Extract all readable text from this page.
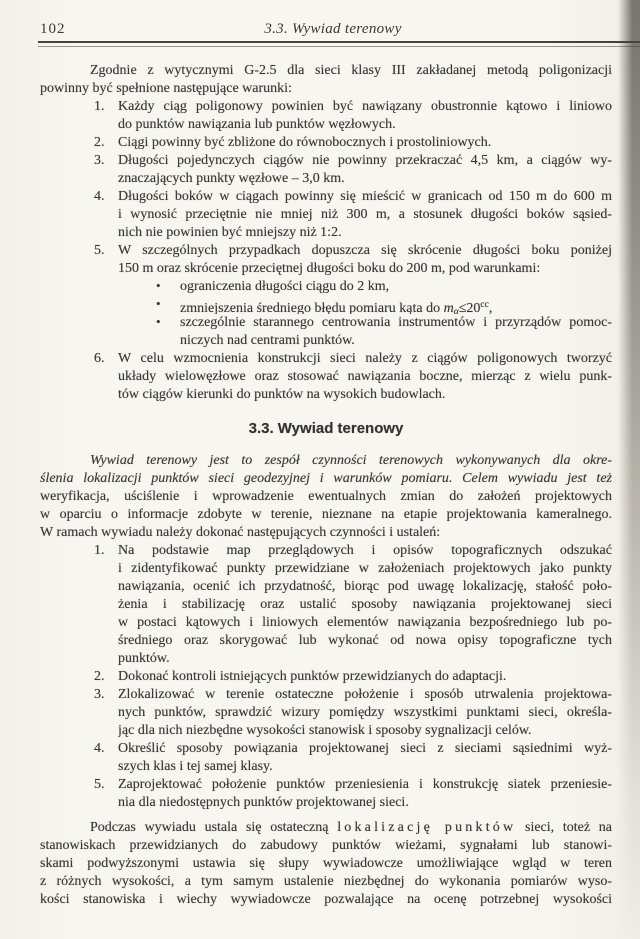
102	3.3. Wywiad terenowy
Zgodnie z wytycznymi G-2.5 dla sieci klasy III zakładanej metodą poligonizacji
powinny być spełnione następujące warunki:
1. Każdy ciąg poligonowy powinien być nawiązany obustronnie kątowo i liniowo
do punktów nawiązania lub punktów węzłowych.
2. Ciągi powinny być zbliżone do równobocznych i prostoliniowych.
3. Długości pojedynczych ciągów nie powinny przekraczać 4,5 km, a ciągów wy-
znaczających punkty węzłowe – 3,0 km.
4. Długości boków w ciągach powinny się mieścić w granicach od 150 m do 600 m
i wynosić przeciętnie nie mniej niż 300 m, a stosunek długości boków sąsied-
nich nie powinien być mniejszy niż 1:2.
5. W szczególnych przypadkach dopuszcza się skrócenie długości boku poniżej
150 m oraz skrócenie przeciętnej długości boku do 200 m, pod warunkami:
• ograniczenia długości ciągu do 2 km,
• zmniejszenia średniego błędu pomiaru kąta do $m_\alpha\le 20^{cc}$,
• szczególnie starannego centrowania instrumentów i przyrządów pomoc-
niczych nad centrami punktów.
6. W celu wzmocnienia konstrukcji sieci należy z ciągów poligonowych tworzyć
układy wielowęzłowe oraz stosować nawiązania boczne, mierząc z wielu punk-
tów ciągów kierunki do punktów na wysokich budowlach.
3.3. Wywiad terenowy
Wywiad terenowy jest to zespół czynności terenowych wykonywanych dla okre-
ślenia lokalizacji punktów sieci geodezyjnej i warunków pomiaru. Celem wywiadu jest też
weryfikacja, uściślenie i wprowadzenie ewentualnych zmian do założeń projektowych
w oparciu o informacje zdobyte w terenie, nieznane na etapie projektowania kameralnego.
W ramach wywiadu należy dokonać następujących czynności i ustaleń:
1. Na podstawie map przeglądowych i opisów topograficznych odszukać
i zidentyfikować punkty przewidziane w założeniach projektowych jako punkty
nawiązania, ocenić ich przydatność, biorąc pod uwagę lokalizację, stałość poło-
żenia i stabilizację oraz ustalić sposoby nawiązania projektowanej sieci
w postaci kątowych i liniowych elementów nawiązania bezpośredniego lub po-
średniego oraz skorygować lub wykonać od nowa opisy topograficzne tych
punktów.
2. Dokonać kontroli istniejących punktów przewidzianych do adaptacji.
3. Zlokalizować w terenie ostateczne położenie i sposób utrwalenia projektowa-
nych punktów, sprawdzić wizury pomiędzy wszystkimi punktami sieci, określa-
jąc dla nich niezbędne wysokości stanowisk i sposoby sygnalizacji celów.
4. Określić sposoby powiązania projektowanej sieci z sieciami sąsiednimi wyż-
szych klas i tej samej klasy.
5. Zaprojektować położenie punktów przeniesienia i konstrukcję siatek przeniesie-
nia dla niedostępnych punktów projektowanej sieci.
Podczas wywiadu ustala się ostateczną lokalizację punktów sieci, toteż na
stanowiskach przewidzianych do zabudowy punktów wieżami, sygnałami lub stanowi-
skami podwyższonymi ustawia się słupy wywiadowcze umożliwiające wgląd w teren
z różnych wysokości, a tym samym ustalenie niezbędnej do wykonania pomiarów wyso-
kości stanowiska i wiechy wywiadowcze pozwalające na ocenę potrzebnej wysokości
